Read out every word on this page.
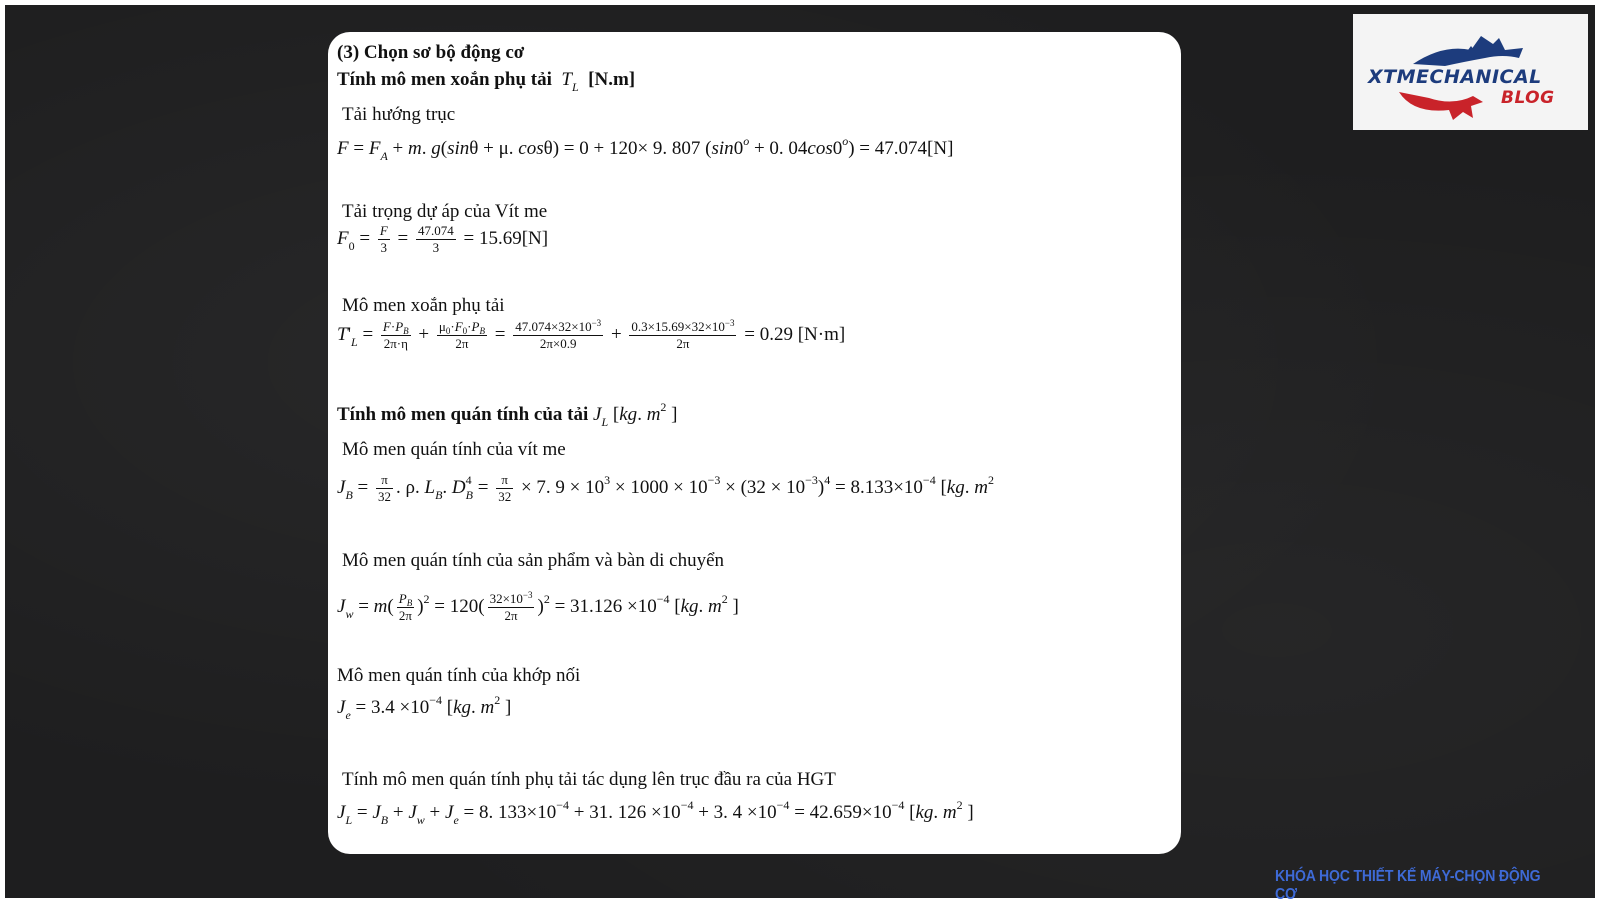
(3) Chọn sơ bộ động cơ
Tính mô men xoắn phụ tải $T_L$ [N.m]
Tải hướng trục
$F = F_A + m$. g(sinθ + μ. cosθ) = 0 + 120× 9. 807 ($\sin 0^o + 0$. $04\cos 0^o) = 47.074[N]$
Tải trọng dự áp của Vít me
$F_0 = \frac{F}{3} = \frac{47.074}{3} = 15.69[N]$
Mô men xoắn phụ tải
$T'_L = \frac{F\cdot P_B}{2\pi\cdot\eta} + \frac{\mu_0\cdot F_0\cdot P_B}{2\pi} = \frac{47.074\times 32\times 10^{-3}}{2\pi\times 0.9} + \frac{0.3\times 15.69\times 32\times 10^{-3}}{2\pi} = 0.29$ [N·m]
Tính mô men quán tính của tải $J_L$ [kg. $m^2$ ]
Mô men quán tính của vít me
$J_B = \frac{\pi}{32}$ . ρ. $L_B$. $D^4_B = \frac{\pi}{32} \times 7$. $9 \times 10^3 \times 1000 \times 10^{-3} \times (32 \times 10^{-3})^4 = 8.133\times 10^{-4}$ [kg. $m^2$
Mô men quán tính của sản phẩm và bàn di chuyển
$J_w = m( \frac{P_B}{2\pi} )^2 = 120( \frac{32\times 10^{-3}}{2\pi} )^2 = 31.126 \times 10^{-4}$ [kg. $m^2$ ]
Mô men quán tính của khớp nối
$J_e = 3.4 \times 10^{-4}$ [kg. $m^2$ ]
Tính mô men quán tính phụ tải tác dụng lên trục đầu ra của HGT
$J_L = J_B + J_w + J_e = 8$. $133\times 10^{-4} + 31$. $126 \times 10^{-4} + 3$. $4 \times 10^{-4} = 42.659\times 10^{-4}$ [kg. $m^2$ ]
XTMECHANICAL
BLOG
KHÓA HỌC THIẾT KẾ MÁY-CHỌN ĐỘNG CƠ
